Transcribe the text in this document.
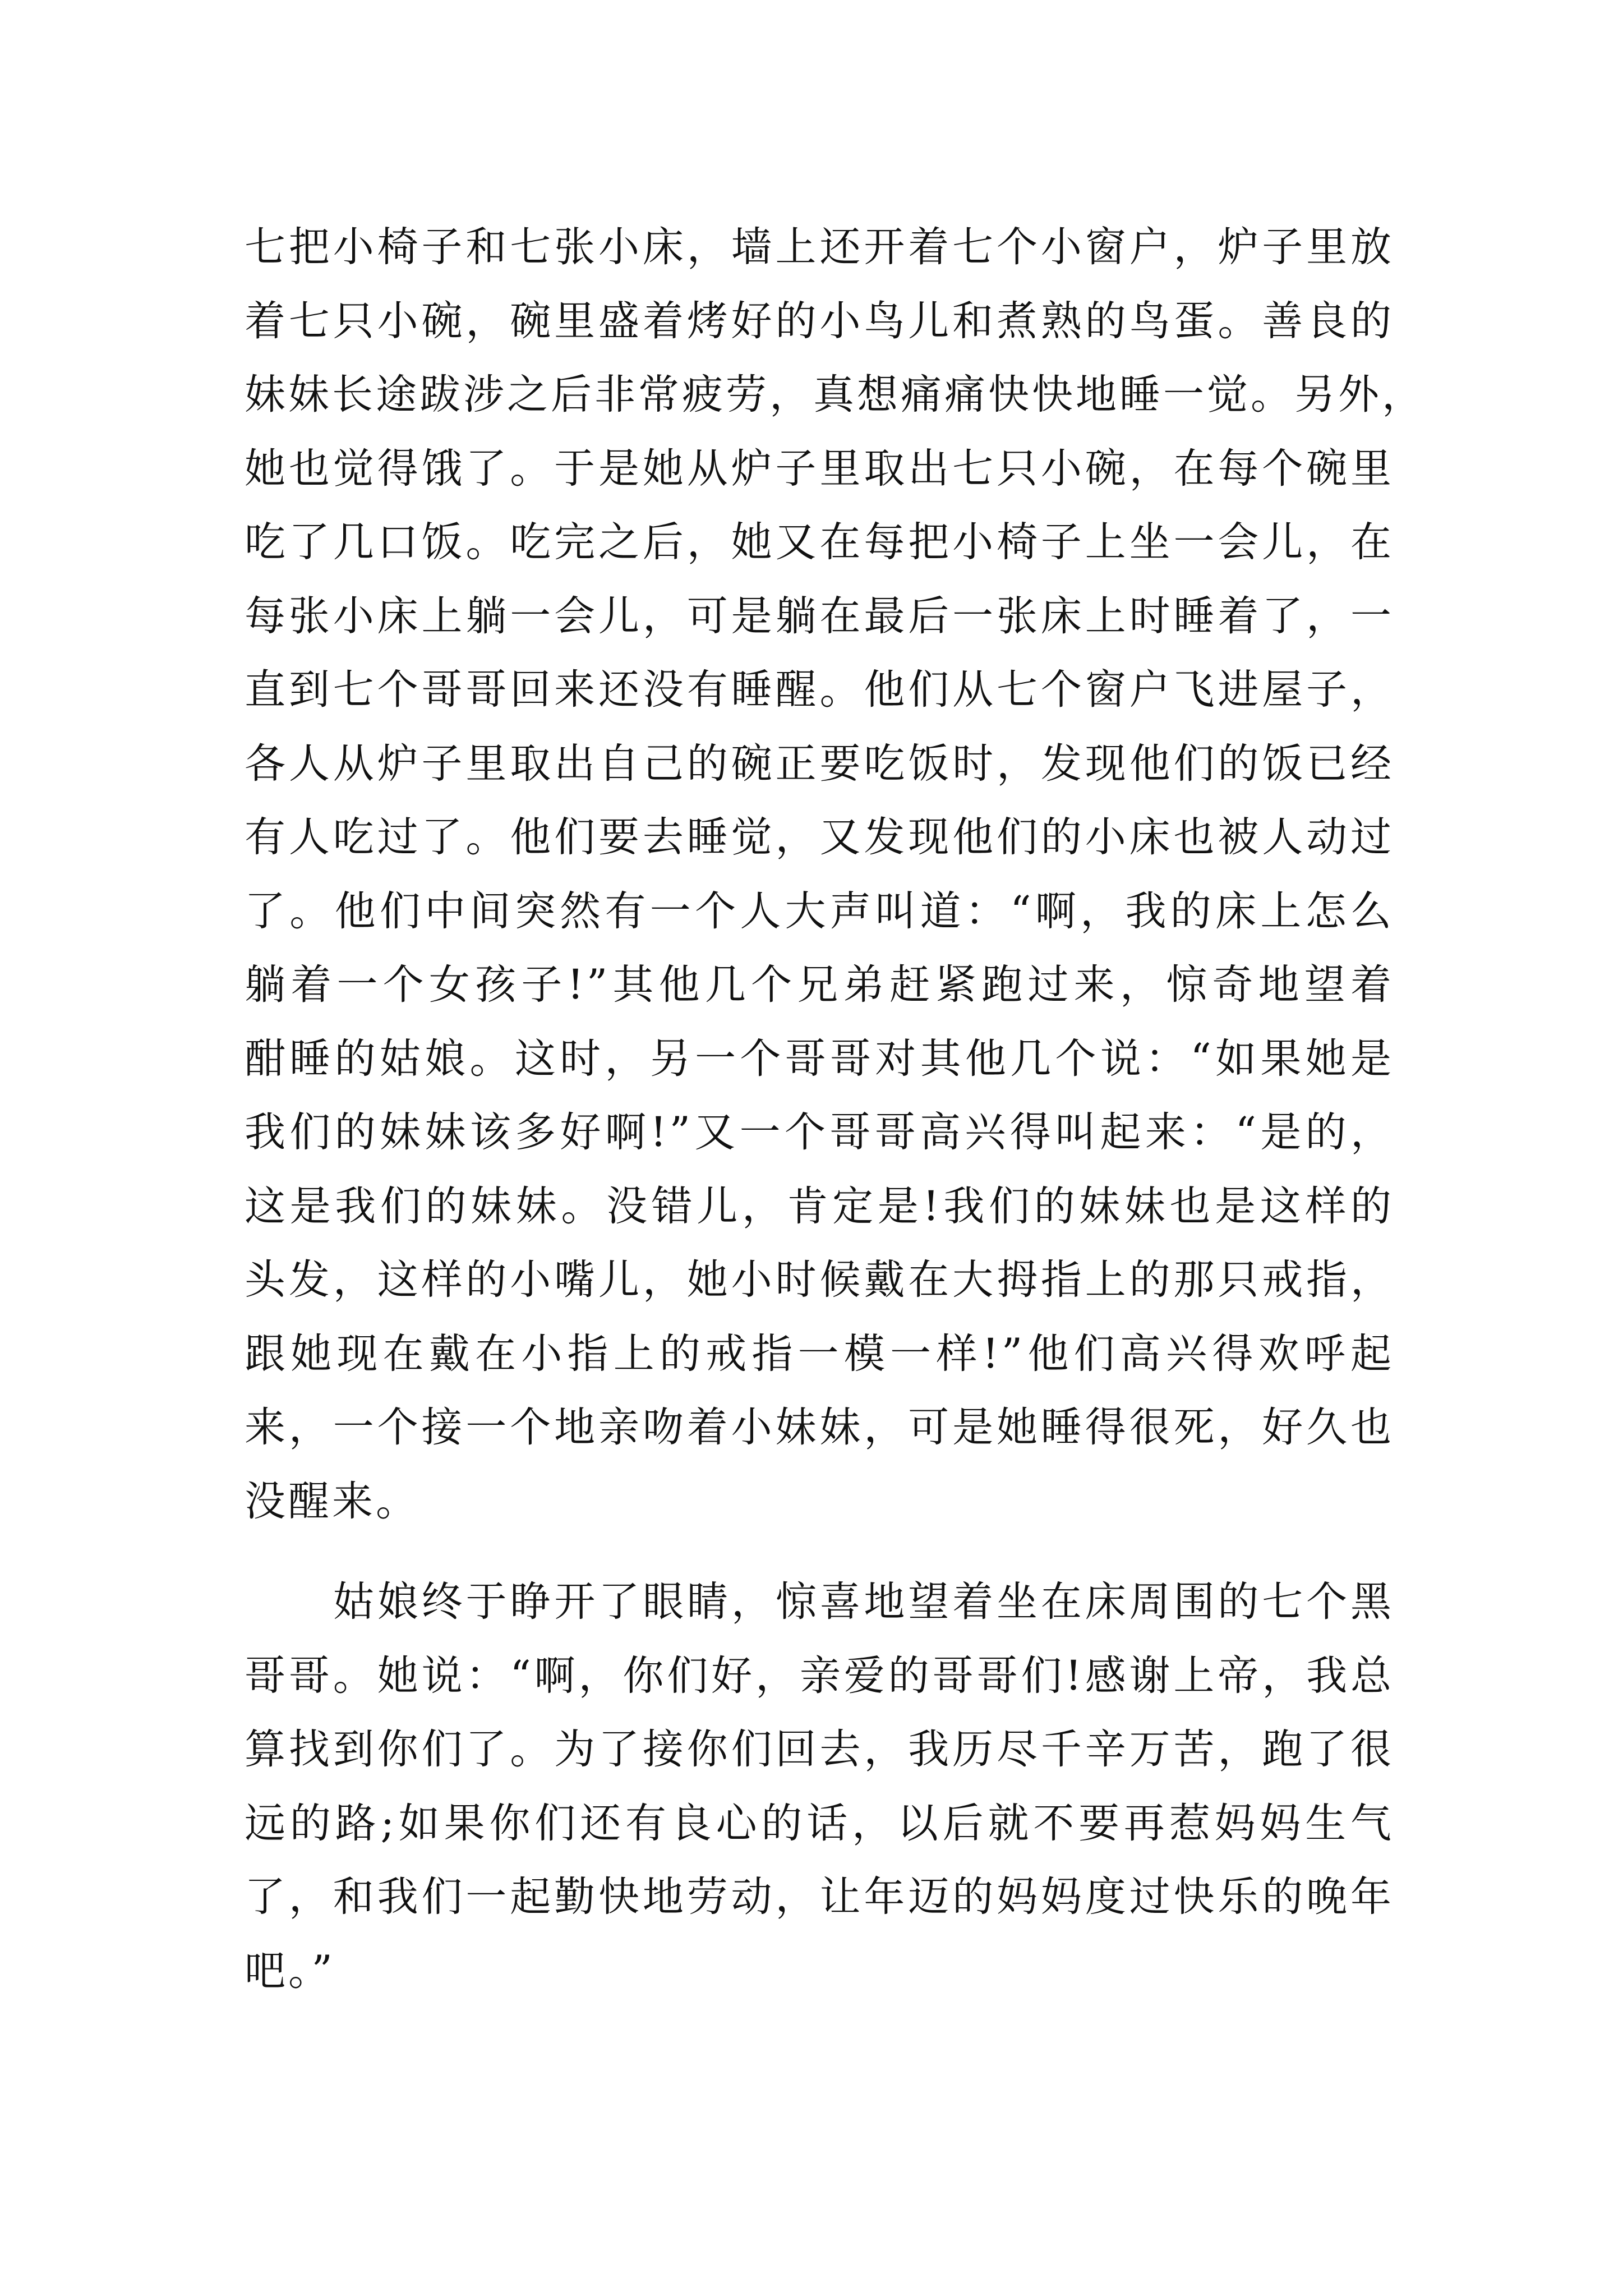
七把小椅子和七张小床，墙上还开着七个小窗户，炉子里放
着七只小碗，碗里盛着烤好的小鸟儿和煮熟的鸟蛋。善良的
妹妹长途跋涉之后非常疲劳，真想痛痛快快地睡一觉。另外，
她也觉得饿了。于是她从炉子里取出七只小碗，在每个碗里
吃了几口饭。吃完之后，她又在每把小椅子上坐一会儿，在
每张小床上躺一会儿，可是躺在最后一张床上时睡着了，一
直到七个哥哥回来还没有睡醒。他们从七个窗户飞进屋子，
各人从炉子里取出自己的碗正要吃饭时，发现他们的饭已经
有人吃过了。他们要去睡觉，又发现他们的小床也被人动过
了。他们中间突然有一个人大声叫道：“啊，我的床上怎么
躺着一个女孩子!”其他几个兄弟赶紧跑过来，惊奇地望着
酣睡的姑娘。这时，另一个哥哥对其他几个说：“如果她是
我们的妹妹该多好啊!”又一个哥哥高兴得叫起来：“是的，
这是我们的妹妹。没错儿，肯定是!我们的妹妹也是这样的
头发，这样的小嘴儿，她小时候戴在大拇指上的那只戒指，
跟她现在戴在小指上的戒指一模一样!”他们高兴得欢呼起
来，一个接一个地亲吻着小妹妹，可是她睡得很死，好久也
没醒来。
姑娘终于睁开了眼睛，惊喜地望着坐在床周围的七个黑
哥哥。她说：“啊，你们好，亲爱的哥哥们!感谢上帝，我总
算找到你们了。为了接你们回去，我历尽千辛万苦，跑了很
远的路;如果你们还有良心的话，以后就不要再惹妈妈生气
了，和我们一起勤快地劳动，让年迈的妈妈度过快乐的晚年
吧。”
